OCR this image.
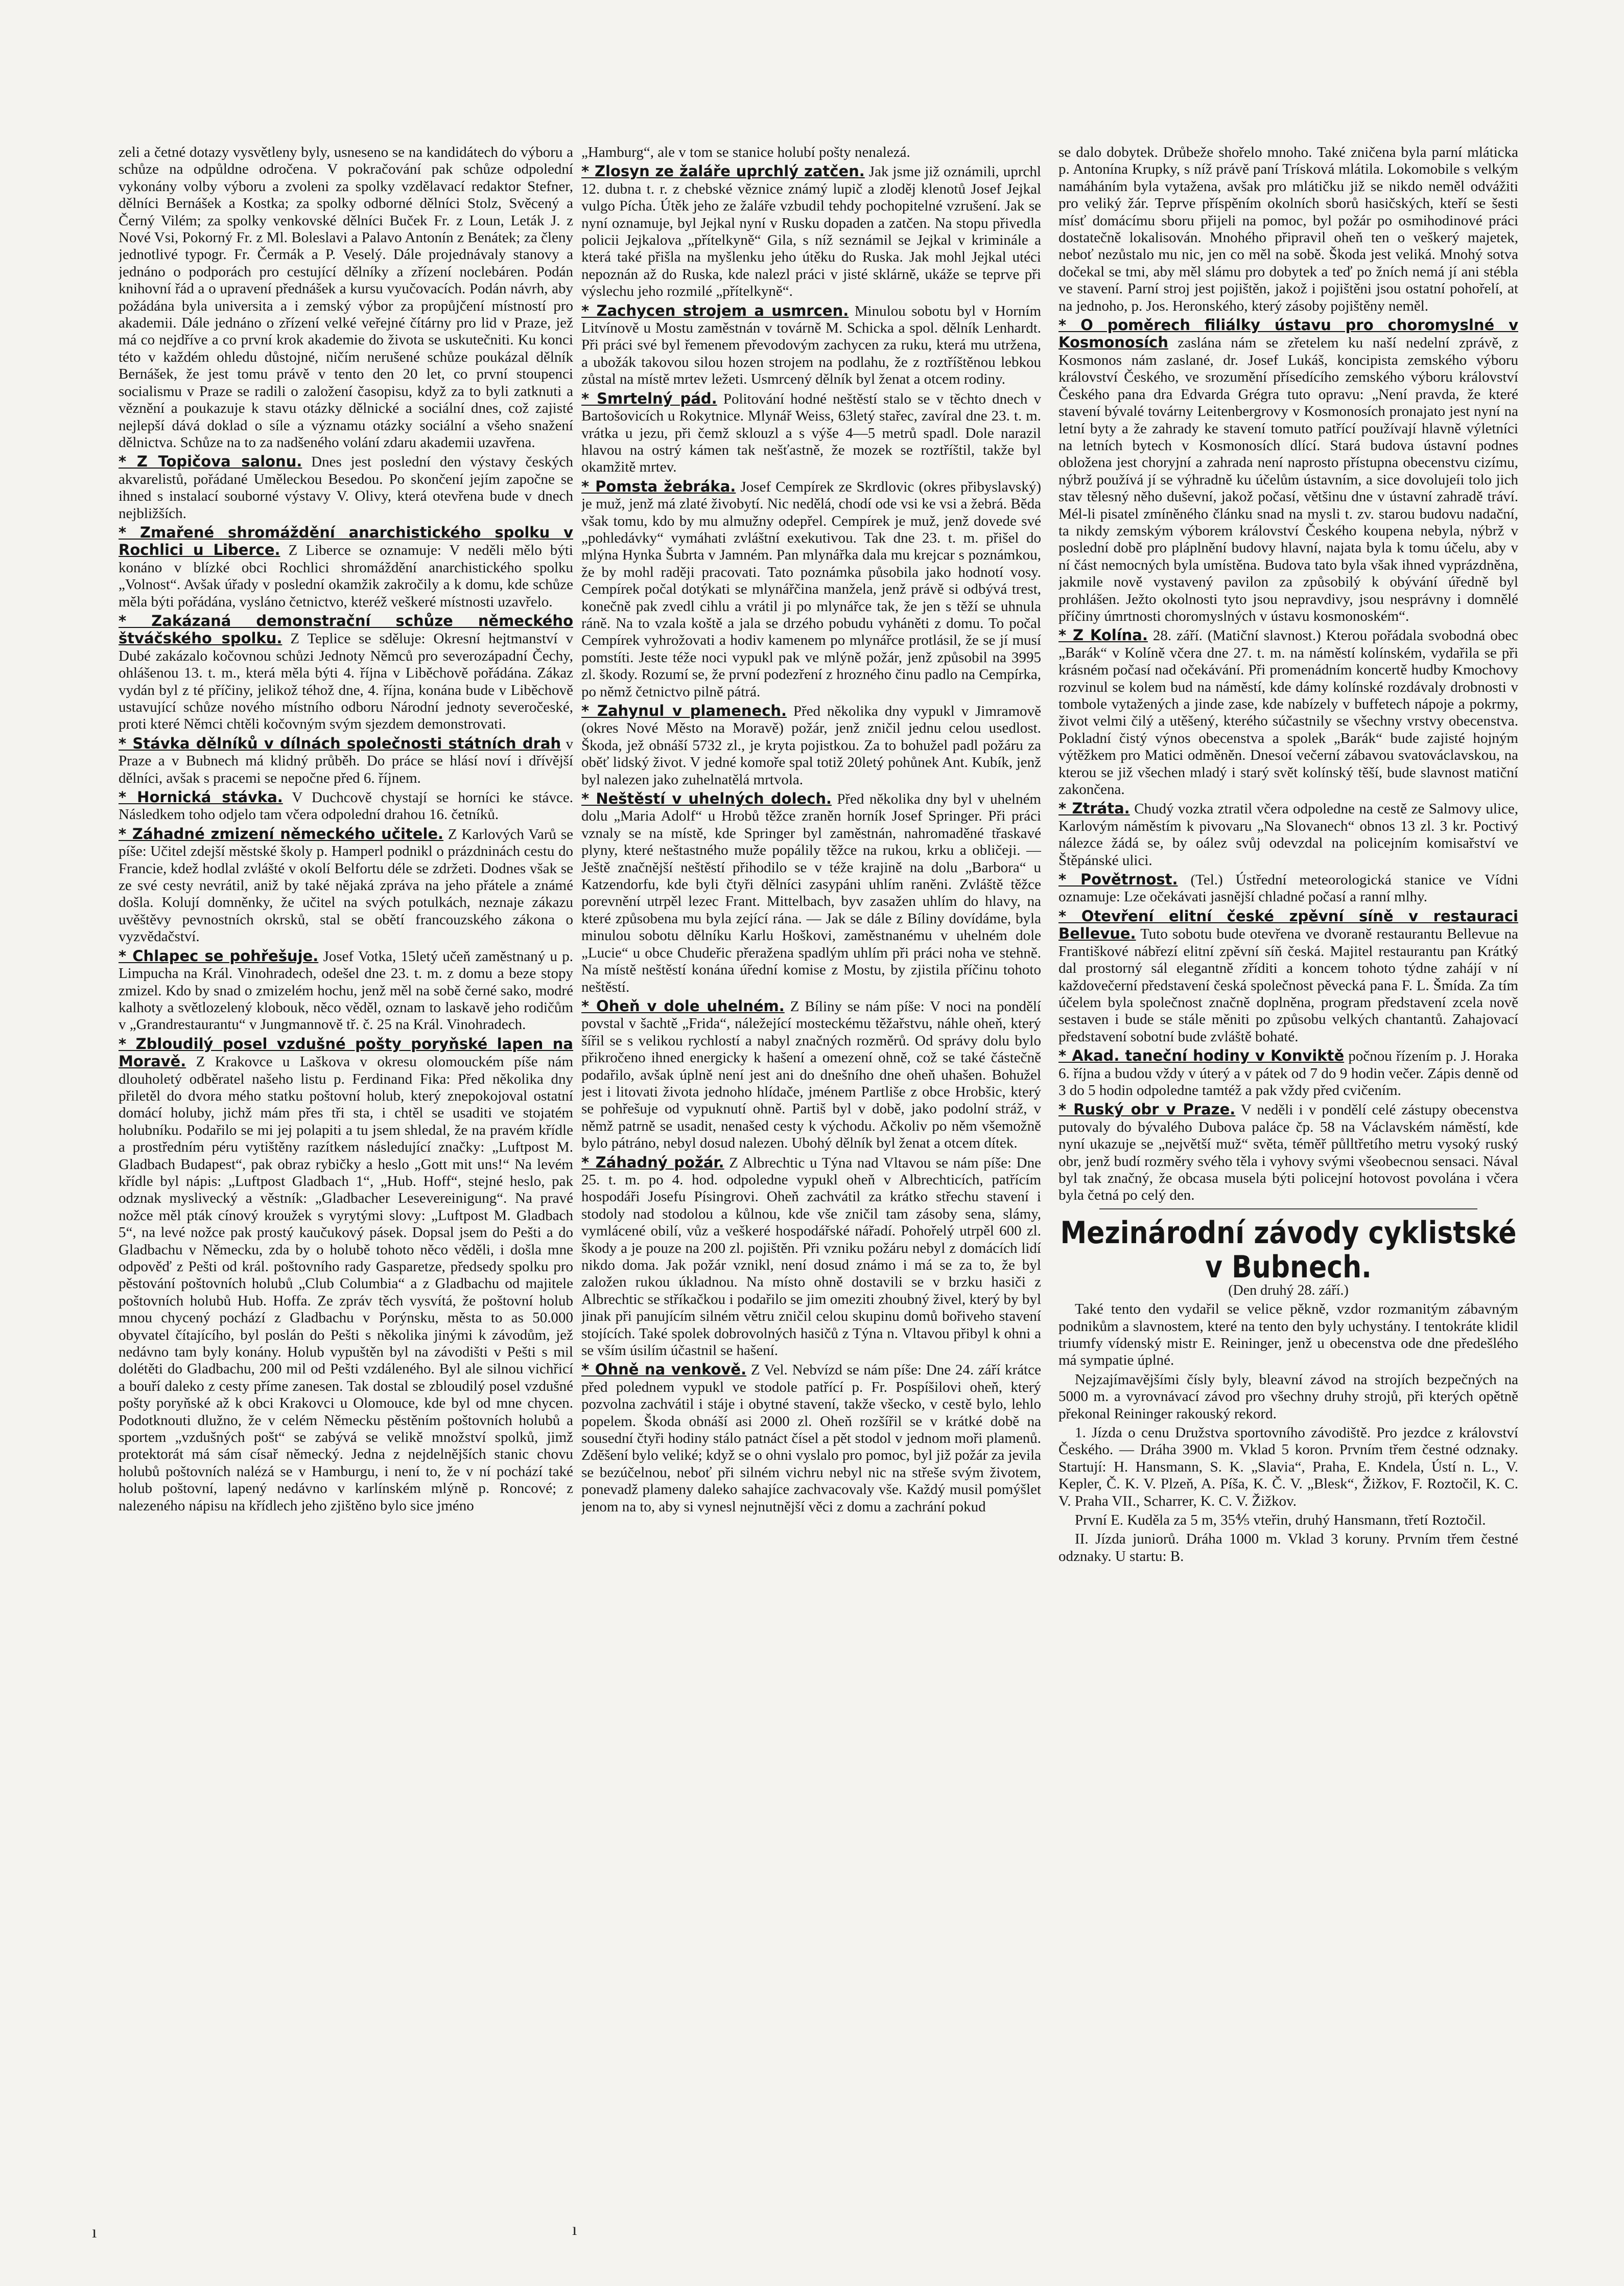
zeli a četné dotazy vysvětleny byly, usneseno se na kandidátech do výboru a schůze na odpůldne odročena. V pokračování pak schůze odpolední vykonány volby výboru a zvoleni za spolky vzdělavací redaktor Stefner, dělníci Bernášek a Kostka; za spolky odborné dělníci Stolz, Svěcený a Černý Vilém; za spolky venkovské dělníci Buček Fr. z Loun, Leták J. z Nové Vsi, Pokorný Fr. z Ml. Boleslavi a Palavo Antonín z Benátek; za členy jednotlivé typogr. Fr. Čermák a P. Veselý. Dále projednávaly stanovy a jednáno o podporách pro cestující dělníky a zřízení noclebáren. Podán knihovní řád a o upravení přednášek a kursu vyučovacích. Podán návrh, aby požádána byla universita a i zemský výbor za propůjčení místností pro akademii. Dále jednáno o zřízení velké veřejné čítárny pro lid v Praze, jež má co nejdříve a co první krok akademie do života se uskutečniti. Ku konci této v každém ohledu důstojné, ničím nerušené schůze poukázal dělník Bernášek, že jest tomu právě v tento den 20 let, co první stoupenci socialismu v Praze se radili o založení časopisu, když za to byli zatknuti a věznění a poukazuje k stavu otázky dělnické a sociální dnes, což zajisté nejlepší dává doklad o síle a významu otázky sociální a všeho snažení dělnictva. Schůze na to za nadšeného volání zdaru akademii uzavřena.

* Z Topičova salonu. Dnes jest poslední den výstavy českých akvarelistů, pořádané Uměleckou Besedou. Po skončení jejím započne se ihned s instalací souborné výstavy V. Olivy, která otevřena bude v dnech nejbližších.

* Zmařené shromáždění anarchistického spolku v Rochlici u Liberce. Z Liberce se oznamuje: V neděli mělo býti konáno v blízké obci Rochlici shromáždění anarchistického spolku „Volnost“. Avšak úřady v poslední okamžik zakročily a k domu, kde schůze měla býti pořádána, vysláno četnictvo, kteréž veškeré místnosti uzavřelo.

* Zakázaná demonstrační schůze německého štváčského spolku. Z Teplice se sděluje: Okresní hejtmanství v Dubé zakázalo kočovnou schůzi Jednoty Němců pro severozápadní Čechy, ohlášenou 13. t. m., která měla býti 4. října v Liběchově pořádána. Zákaz vydán byl z té příčiny, jelikož téhož dne, 4. října, konána bude v Liběchově ustavující schůze nového místního odboru Národní jednoty severočeské, proti které Němci chtěli kočovným svým sjezdem demonstrovati.

* Stávka dělníků v dílnách společnosti státních drah v Praze a v Bubnech má klidný průběh. Do práce se hlásí noví i dřívější dělníci, avšak s pracemi se nepočne před 6. říjnem.

* Hornická stávka. V Duchcově chystají se horníci ke stávce. Následkem toho odjelo tam včera odpolední drahou 16. četníků.

* Záhadné zmizení německého učitele. Z Karlových Varů se píše: Učitel zdejší městské školy p. Hamperl podnikl o prázdninách cestu do Francie, kdež hodlal zvlášté v okolí Belfortu déle se zdržeti. Dodnes však se ze své cesty nevrátil, aniž by také nějaká zpráva na jeho přátele a známé došla. Kolují domněnky, že učitel na svých potulkách, neznaje zákazu uvěštěvy pevnostních okrsků, stal se obětí francouzského zákona o vyzvědačství.

* Chlapec se pohřešuje. Josef Votka, 15letý učeň zaměstnaný u p. Limpucha na Král. Vinohradech, odešel dne 23. t. m. z domu a beze stopy zmizel. Kdo by snad o zmizelém hochu, jenž měl na sobě černé sako, modré kalhoty a světlozelený klobouk, něco věděl, oznam to laskavě jeho rodičům v „Grandrestaurantu“ v Jungmannově tř. č. 25 na Král. Vinohradech.

* Zbloudilý posel vzdušné pošty poryňské lapen na Moravě. Z Krakovce u Laškova v okresu olomouckém píše nám dlouholetý odběratel našeho listu p. Ferdinand Fika: Před několika dny přiletěl do dvora mého statku poštovní holub, který znepokojoval ostatní domácí holuby, jichž mám přes tři sta, i chtěl se usaditi ve stojatém holubníku. Podařilo se mi jej polapiti a tu jsem shledal, že na pravém křídle a prostředním péru vytištěny razítkem následující značky: „Luftpost M. Gladbach Budapest“, pak obraz rybičky a heslo „Gott mit uns!“ Na levém křídle byl nápis: „Luftpost Gladbach 1“, „Hub. Hoff“, stejné heslo, pak odznak myslivecký a věstník: „Gladbacher Lesevereinigung“. Na pravé nožce měl pták cínový kroužek s vyrytými slovy: „Luftpost M. Gladbach 5“, na levé nožce pak prostý kaučukový pásek. Dopsal jsem do Pešti a do Gladbachu v Německu, zda by o holubě tohoto něco věděli, i došla mne odpověď z Pešti od král. poštovního rady Gasparetze, předsedy spolku pro pěstování poštovních holubů „Club Columbia“ a z Gladbachu od majitele poštovních holubů Hub. Hoffa. Ze zpráv těch vysvítá, že poštovní holub mnou chycený pochází z Gladbachu v Porýnsku, města to as 50.000 obyvatel čítajícího, byl poslán do Pešti s několika jinými k závodům, jež nedávno tam byly konány. Holub vypuštěn byl na závodišti v Pešti s mil dolétěti do Gladbachu, 200 mil od Pešti vzdáleného. Byl ale silnou vichřicí a bouří daleko z cesty příme zanesen. Tak dostal se zbloudilý posel vzdušné pošty poryňské až k obci Krakovci u Olomouce, kde byl od mne chycen. Podotknouti dlužno, že v celém Německu pěstěním poštovních holubů a sportem „vzdušných pošt“ se zabývá se velikě množství spolků, jimž protektorát má sám císař německý. Jedna z nejdelnějších stanic chovu holubů poštovních nalézá se v Hamburgu, i není to, že v ní pochází také holub poštovní, lapený nedávno v karlínském mlýně p. Roncové; z nalezeného nápisu na křídlech jeho zjištěno bylo sice jméno

„Hamburg“, ale v tom se stanice holubí pošty nenalezá.

* Zlosyn ze žaláře uprchlý zatčen. Jak jsme již oznámili, uprchl 12. dubna t. r. z chebské věznice známý lupič a zloděj klenotů Josef Jejkal vulgo Pícha. Útěk jeho ze žaláře vzbudil tehdy pochopitelné vzrušení. Jak se nyní oznamuje, byl Jejkal nyní v Rusku dopaden a zatčen. Na stopu přivedla policii Jejkalova „přítelkyně“ Gila, s níž seznámil se Jejkal v kriminále a která také přišla na myšlenku jeho útěku do Ruska. Jak mohl Jejkal utéci nepoznán až do Ruska, kde nalezl práci v jisté sklárně, ukáže se teprve při výslechu jeho rozmilé „přítelkyně“.

* Zachycen strojem a usmrcen. Minulou sobotu byl v Horním Litvínově u Mostu zaměstnán v továrně M. Schicka a spol. dělník Lenhardt. Při práci své byl řemenem převodovým zachycen za ruku, která mu utržena, a ubožák takovou silou hozen strojem na podlahu, že z roztříštěnou lebkou zůstal na místě mrtev ležeti. Usmrcený dělník byl ženat a otcem rodiny.

* Smrtelný pád. Politování hodné neštěstí stalo se v těchto dnech v Bartošovicích u Rokytnice. Mlynář Weiss, 63letý stařec, zavíral dne 23. t. m. vrátka u jezu, při čemž sklouzl a s výše 4—5 metrů spadl. Dole narazil hlavou na ostrý kámen tak nešťastně, že mozek se roztříštil, takže byl okamžitě mrtev.

* Pomsta žebráka. Josef Cempírek ze Skrdlovic (okres přibyslavský) je muž, jenž má zlaté živobytí. Nic nedělá, chodí ode vsi ke vsi a žebrá. Běda však tomu, kdo by mu almužny odepřel. Cempírek je muž, jenž dovede své „pohledávky“ vymáhati zvláštní exekutivou. Tak dne 23. t. m. přišel do mlýna Hynka Šubrta v Jamném. Pan mlynářka dala mu krejcar s poznámkou, že by mohl raději pracovati. Tato poznámka působila jako hodnotí vosy. Cempírek počal dotýkati se mlynářčina manžela, jenž právě si odbývá trest, konečně pak zvedl cihlu a vrátil ji po mlynářce tak, že jen s těží se uhnula ráně. Na to vzala koště a jala se drzého pobudu vyháněti z domu. To počal Cempírek vyhrožovati a hodiv kamenem po mlynářce protlásil, že se jí musí pomstíti. Jeste téže noci vypukl pak ve mlýně požár, jenž způsobil na 3995 zl. škody. Rozumí se, že první podezření z hrozného činu padlo na Cempírka, po němž četnictvo pilně pátrá.

* Zahynul v plamenech. Před několika dny vypukl v Jimramově (okres Nové Město na Moravě) požár, jenž zničil jednu celou usedlost. Škoda, jež obnáší 5732 zl., je kryta pojistkou. Za to bohužel padl požáru za oběť lidský život. V jedné komoře spal totiž 20letý pohůnek Ant. Kubík, jenž byl nalezen jako zuhelnatělá mrtvola.

* Neštěstí v uhelných dolech. Před několika dny byl v uhelném dolu „Maria Adolf“ u Hrobů těžce zraněn horník Josef Springer. Při práci vznaly se na místě, kde Springer byl zaměstnán, nahromaděné třaskavé plyny, které neštastného muže popálily těžce na rukou, krku a obličeji. — Ještě značnější neštěstí přihodilo se v téže krajině na dolu „Barbora“ u Katzendorfu, kde byli čtyři dělníci zasypáni uhlím raněni. Zvláště těžce porevnění utrpěl lezec Frant. Mittelbach, byv zasažen uhlím do hlavy, na které způsobena mu byla zející rána. — Jak se dále z Bíliny dovídáme, byla minulou sobotu dělníku Karlu Hoškovi, zaměstnanému v uhelném dole „Lucie“ u obce Chudeřic přeražena spadlým uhlím při práci noha ve stehně. Na místě neštěstí konána úřední komise z Mostu, by zjistila příčinu tohoto neštěstí.

* Oheň v dole uhelném. Z Bíliny se nám píše: V noci na pondělí povstal v šachtě „Frida“, náležející mosteckému těžařstvu, náhle oheň, který šířil se s velikou rychlostí a nabyl značných rozměrů. Od správy dolu bylo přikročeno ihned energicky k hašení a omezení ohně, což se také částečně podařilo, avšak úplně není jest ani do dnešního dne oheň uhašen. Bohužel jest i litovati života jednoho hlídače, jménem Partliše z obce Hrobšic, který se pohřešuje od vypuknutí ohně. Partiš byl v době, jako podolní stráž, v němž patrně se usadit, nenašed cesty k východu. Ačkoliv po něm všemožně bylo pátráno, nebyl dosud nalezen. Ubohý dělník byl ženat a otcem dítek.

* Záhadný požár. Z Albrechtic u Týna nad Vltavou se nám píše: Dne 25. t. m. po 4. hod. odpoledne vypukl oheň v Albrechticích, patřícím hospodáři Josefu Písingrovi. Oheň zachvátil za krátko střechu stavení i stodoly nad stodolou a kůlnou, kde vše zničil tam zásoby sena, slámy, vymlácené obilí, vůz a veškeré hospodářské nářadí. Pohořelý utrpěl 600 zl. škody a je pouze na 200 zl. pojištěn. Při vzniku požáru nebyl z domácích lidí nikdo doma. Jak požár vznikl, není dosud známo i má se za to, že byl založen rukou úkladnou. Na místo ohně dostavili se v brzku hasiči z Albrechtic se stříkačkou i podařilo se jim omeziti zhoubný živel, který by byl jinak při panujícím silném větru zničil celou skupinu domů bořiveho stavení stojících. Také spolek dobrovolných hasičů z Týna n. Vltavou přibyl k ohni a se vším úsilím účastnil se hašení.

* Ohně na venkově. Z Vel. Nebvízd se nám píše: Dne 24. září krátce před polednem vypukl ve stodole patřící p. Fr. Pospíšilovi oheň, který pozvolna zachvátil i stáje i obytné stavení, takže všecko, v cestě bylo, lehlo popelem. Škoda obnáší asi 2000 zl. Oheň rozšířil se v krátké době na sousední čtyři hodiny stálo patnáct čísel a pět stodol v jednom moři plamenů. Zděšení bylo veliké; když se o ohni vyslalo pro pomoc, byl již požár za jevila se bezúčelnou, neboť při silném vichru nebyl nic na střeše svým životem, ponevadž plameny daleko sahajíce zachvacovaly vše. Každý musil pomýšlet jenom na to, aby si vynesl nejnutnější věci z domu a zachrání pokud

se dalo dobytek. Drůbeže shořelo mnoho. Také zničena byla parní mláticka p. Antonína Krupky, s níž právě paní Trísková mlátila. Lokomobile s velkým namáháním byla vytažena, avšak pro mlátičku již se nikdo neměl odvážiti pro veliký žár. Teprve příspěním okolních sborů hasičských, kteří se šesti mísť domácímu sboru přijeli na pomoc, byl požár po osmihodinové práci dostatečně lokalisován. Mnohého připravil oheň ten o veškerý majetek, neboť nezůstalo mu nic, jen co měl na sobě. Škoda jest veliká. Mnohý sotva dočekal se tmi, aby měl slámu pro dobytek a teď po žních nemá jí ani stébla ve stavení. Parní stroj jest pojištěn, jakož i pojištěni jsou ostatní pohořelí, at na jednoho, p. Jos. Heronského, který zásoby pojištěny neměl.

* O poměrech filiálky ústavu pro choromyslné v Kosmonosích zaslána nám se zřetelem ku naší nedelní zprávě, z Kosmonos nám zaslané, dr. Josef Lukáš, koncipista zemského výboru království Českého, ve srozumění přísedícího zemského výboru království Českého pana dra Edvarda Grégra tuto opravu: „Není pravda, že které stavení bývalé továrny Leitenbergrovy v Kosmonosích pronajato jest nyní na letní byty a že zahrady ke stavení tomuto patřící používají hlavně výletníci na letních bytech v Kosmonosích dlící. Stará budova ústavní podnes obložena jest choryjní a zahrada není naprosto přístupna obecenstvu cizímu, nýbrž používá jí se výhradně ku účelům ústavním, a sice dovolujeíi tolo jich stav tělesný něho duševní, jakož počasí, většinu dne v ústavní zahradě tráví. Mél-li pisatel zmíněného článku snad na mysli t. zv. starou budovu nadační, ta nikdy zemským výborem království Českého koupena nebyla, nýbrž v poslední době pro pláplnění budovy hlavní, najata byla k tomu účelu, aby v ní část nemocných byla umístěna. Budova tato byla však ihned vyprázdněna, jakmile nově vystavený pavilon za způsobilý k obývání úředně byl prohlášen. Ježto okolnosti tyto jsou nepravdivy, jsou nesprávny i domnělé příčiny úmrtnosti choromyslných v ústavu kosmonoském“.

* Z Kolína. 28. září. (Matiční slavnost.) Kterou pořádala svobodná obec „Barák“ v Kolíně včera dne 27. t. m. na náměstí kolínském, vydařila se při krásném počasí nad očekávání. Při promenádním koncertě hudby Kmochovy rozvinul se kolem bud na náměstí, kde dámy kolínské rozdávaly drobnosti v tombole vytažených a jinde zase, kde nabízely v buffetech nápoje a pokrmy, život velmi čilý a utěšený, kterého súčastnily se všechny vrstvy obecenstva. Pokladní čistý výnos obecenstva a spolek „Barák“ bude zajisté hojným výtěžkem pro Matici odměněn. Dnesoí večerní zábavou svatováclavskou, na kterou se již všechen mladý i starý svět kolínský těší, bude slavnost matiční zakončena.

* Ztráta. Chudý vozka ztratil včera odpoledne na cestě ze Salmovy ulice, Karlovým náměstím k pivovaru „Na Slovanech“ obnos 13 zl. 3 kr. Poctivý nálezce žádá se, by oález svůj odevzdal na policejním komisařství ve Štěpánské ulici.

* Povětrnost. (Tel.) Ústřední meteorologická stanice ve Vídni oznamuje: Lze očekávati jasnější chladné počasí a ranní mlhy.

* Otevření elitní české zpěvní síně v restauraci Bellevue. Tuto sobotu bude otevřena ve dvoraně restaurantu Bellevue na Františkové nábřezí elitní zpěvní síň česká. Majitel restaurantu pan Krátký dal prostorný sál elegantně zříditi a koncem tohoto týdne zahájí v ní každovečerní představení česká společnost pěvecká pana F. L. Šmída. Za tím účelem byla společnost značně doplněna, program představení zcela nově sestaven i bude se stále měniti po způsobu velkých chantantů. Zahajovací představení sobotní bude zvláště bohaté.

* Akad. taneční hodiny v Konviktě počnou řízením p. J. Horaka 6. října a budou vždy v úterý a v pátek od 7 do 9 hodin večer. Zápis denně od 3 do 5 hodin odpoledne tamtéž a pak vždy před cvičením.

* Ruský obr v Praze. V neděli i v pondělí celé zástupy obecenstva putovaly do bývalého Dubova paláce čp. 58 na Václavském náměstí, kde nyní ukazuje se „největší muž“ světa, téměř půlltřetího metru vysoký ruský obr, jenž budí rozměry svého těla i vyhovy svými všeobecnou sensaci. Nával byl tak značný, že obcasa musela býti policejní hotovost povolána i včera byla četná po celý den.

Mezinárodní závody cyklistské v Bubnech.

(Den druhý 28. září.)

Také tento den vydařil se velice pěkně, vzdor rozmanitým zábavným podnikům a slavnostem, které na tento den byly uchystány. I tentokráte klidil triumfy vídenský mistr E. Reininger, jenž u obecenstva ode dne předešlého má sympatie úplné.

Nejzajímavějšími čísly byly, bleavní závod na strojích bezpečných na 5000 m. a vyrovnávací závod pro všechny druhy strojů, při kterých opětně překonal Reininger rakouský rekord.

1. Jízda o cenu Družstva sportovního závodiště. Pro jezdce z království Českého. — Dráha 3900 m. Vklad 5 koron. Prvním třem čestné odznaky. Startují: H. Hansmann, S. K. „Slavia“, Praha, E. Kndela, Ústí n. L., V. Kepler, Č. K. V. Plzeň, A. Píša, K. Č. V. „Blesk“, Žižkov, F. Roztočil, K. C. V. Praha VII., Scharrer, K. C. V. Žižkov.

První E. Kuděla za 5 m, 35⅘ vteřin, druhý Hansmann, třetí Roztočil.

II. Jízda juniorů. Dráha 1000 m. Vklad 3 koruny. Prvním třem čestné odznaky. U startu: B.

ı	ı
